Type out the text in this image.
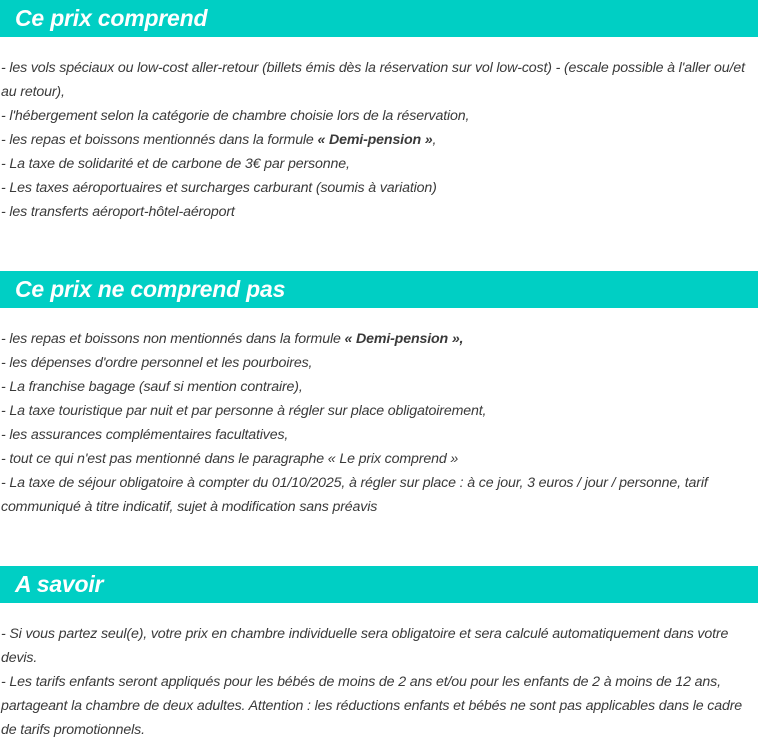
Ce prix comprend

- les vols spéciaux ou low-cost aller-retour (billets émis dès la réservation sur vol low-cost) - (escale possible à l'aller ou/et au retour),

- l'hébergement selon la catégorie de chambre choisie lors de la réservation,

- les repas et boissons mentionnés dans la formule « Demi-pension »,

- La taxe de solidarité et de carbone de 3€ par personne,

- Les taxes aéroportuaires et surcharges carburant (soumis à variation)

- les transferts aéroport-hôtel-aéroport

Ce prix ne comprend pas

- les repas et boissons non mentionnés dans la formule « Demi-pension »,

- les dépenses d'ordre personnel et les pourboires,

- La franchise bagage (sauf si mention contraire),

- La taxe touristique par nuit et par personne à régler sur place obligatoirement,

- les assurances complémentaires facultatives,

- tout ce qui n'est pas mentionné dans le paragraphe « Le prix comprend »

- La taxe de séjour obligatoire à compter du 01/10/2025, à régler sur place : à ce jour, 3 euros / jour / personne, tarif communiqué à titre indicatif, sujet à modification sans préavis

A savoir

- Si vous partez seul(e), votre prix en chambre individuelle sera obligatoire et sera calculé automatiquement dans votre devis.

- Les tarifs enfants seront appliqués pour les bébés de moins de 2 ans et/ou pour les enfants de 2 à moins de 12 ans, partageant la chambre de deux adultes. Attention : les réductions enfants et bébés ne sont pas applicables dans le cadre de tarifs promotionnels.
